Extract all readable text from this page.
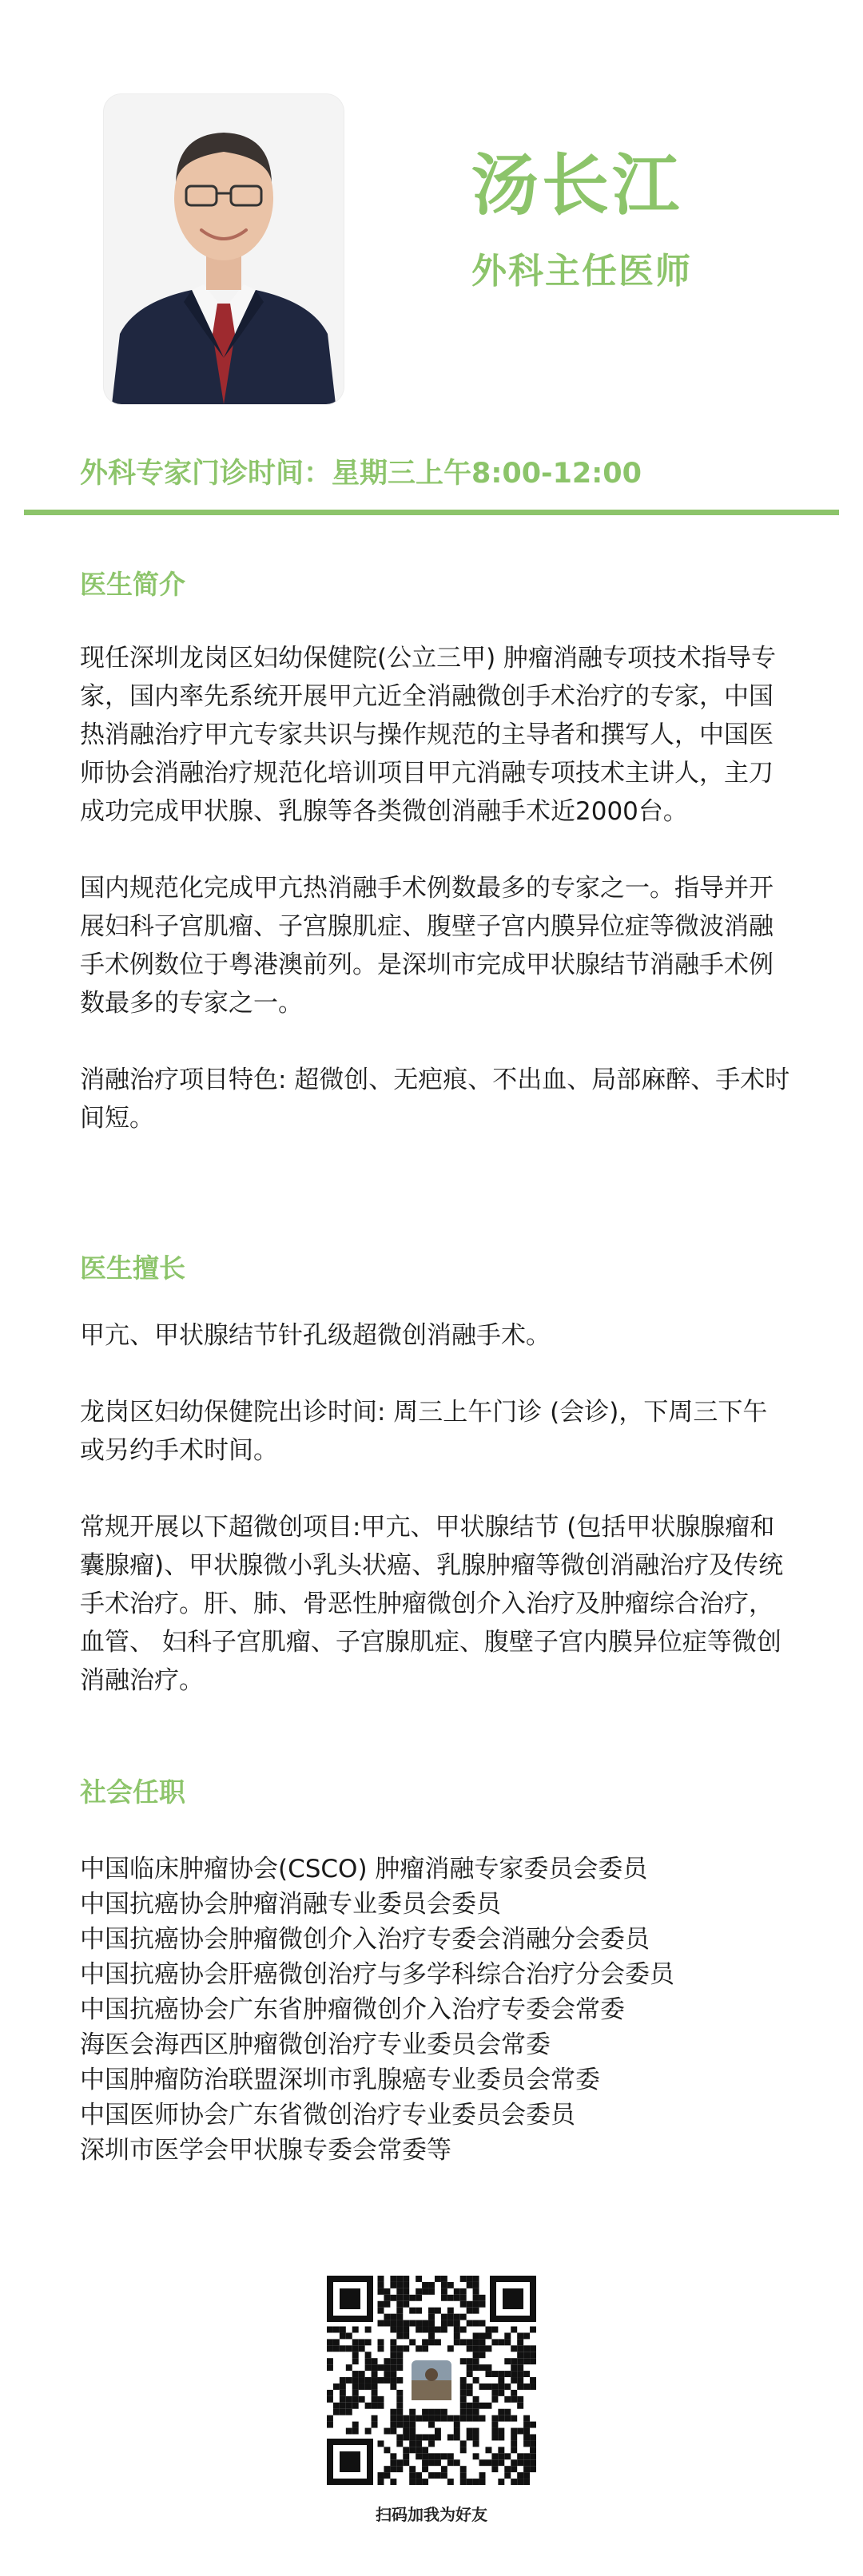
汤长江
外科主任医师
外科专家门诊时间：星期三上午8:00-12:00
医生简介

现任深圳龙岗区妇幼保健院(公立三甲) 肿瘤消融专项技术指导专家，国内率先系统开展甲亢近全消融微创手术治疗的专家，中国热消融治疗甲亢专家共识与操作规范的主导者和撰写人，中国医师协会消融治疗规范化培训项目甲亢消融专项技术主讲人，主刀成功完成甲状腺、乳腺等各类微创消融手术近2000台。

国内规范化完成甲亢热消融手术例数最多的专家之一。指导并开展妇科子宫肌瘤、子宫腺肌症、腹壁子宫内膜异位症等微波消融手术例数位于粤港澳前列。是深圳市完成甲状腺结节消融手术例数最多的专家之一。

消融治疗项目特色: 超微创、无疤痕、不出血、局部麻醉、手术时间短。

医生擅长

甲亢、甲状腺结节针孔级超微创消融手术。

龙岗区妇幼保健院出诊时间: 周三上午门诊 (会诊)，下周三下午或另约手术时间。

常规开展以下超微创项目:甲亢、甲状腺结节 (包括甲状腺腺瘤和囊腺瘤)、甲状腺微小乳头状癌、乳腺肿瘤等微创消融治疗及传统手术治疗。肝、肺、骨恶性肿瘤微创介入治疗及肿瘤综合治疗，血管、 妇科子宫肌瘤、子宫腺肌症、腹壁子宫内膜异位症等微创消融治疗。

社会任职
中国临床肿瘤协会(CSCO) 肿瘤消融专家委员会委员
中国抗癌协会肿瘤消融专业委员会委员
中国抗癌协会肿瘤微创介入治疗专委会消融分会委员
中国抗癌协会肝癌微创治疗与多学科综合治疗分会委员
中国抗癌协会广东省肿瘤微创介入治疗专委会常委
海医会海西区肿瘤微创治疗专业委员会常委
中国肿瘤防治联盟深圳市乳腺癌专业委员会常委
中国医师协会广东省微创治疗专业委员会委员
深圳市医学会甲状腺专委会常委等
扫码加我为好友
